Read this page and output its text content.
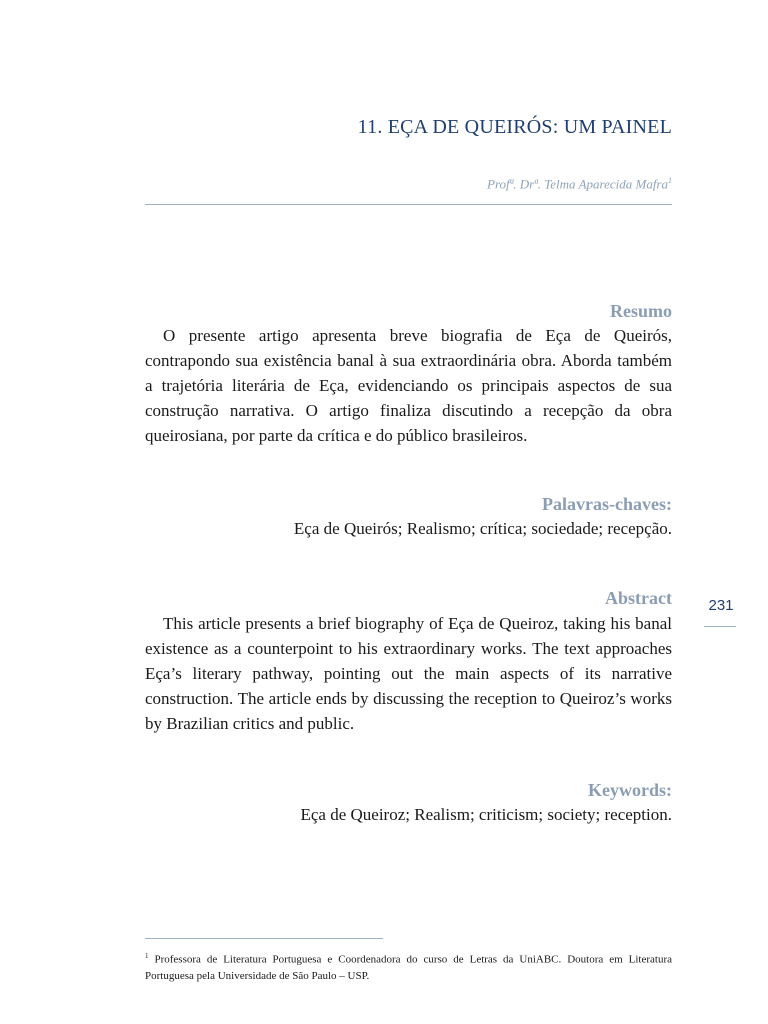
11. EÇA DE QUEIRÓS: UM PAINEL
Profª. Drª. Telma Aparecida Mafra$^1$
Resumo
O presente artigo apresenta breve biografia de Eça de Queirós, contrapondo sua existência banal à sua extraordinária obra. Aborda também a trajetória literária de Eça, evidenciando os principais aspectos de sua construção narrativa. O artigo finaliza discutindo a recepção da obra queirosiana, por parte da crítica e do público brasileiros.
Palavras-chaves:
Eça de Queirós; Realismo; crítica; sociedade; recepção.
Abstract
This article presents a brief biography of Eça de Queiroz, taking his banal existence as a counterpoint to his extraordinary works. The text approaches Eça’s literary pathway, pointing out the main aspects of its narrative construction. The article ends by discussing the reception to Queiroz’s works by Brazilian critics and public.
Keywords:
Eça de Queiroz; Realism; criticism; society; reception.
231
$^1$ Professora de Literatura Portuguesa e Coordenadora do curso de Letras da UniABC. Doutora em Literatura Portuguesa pela Universidade de São Paulo – USP.
